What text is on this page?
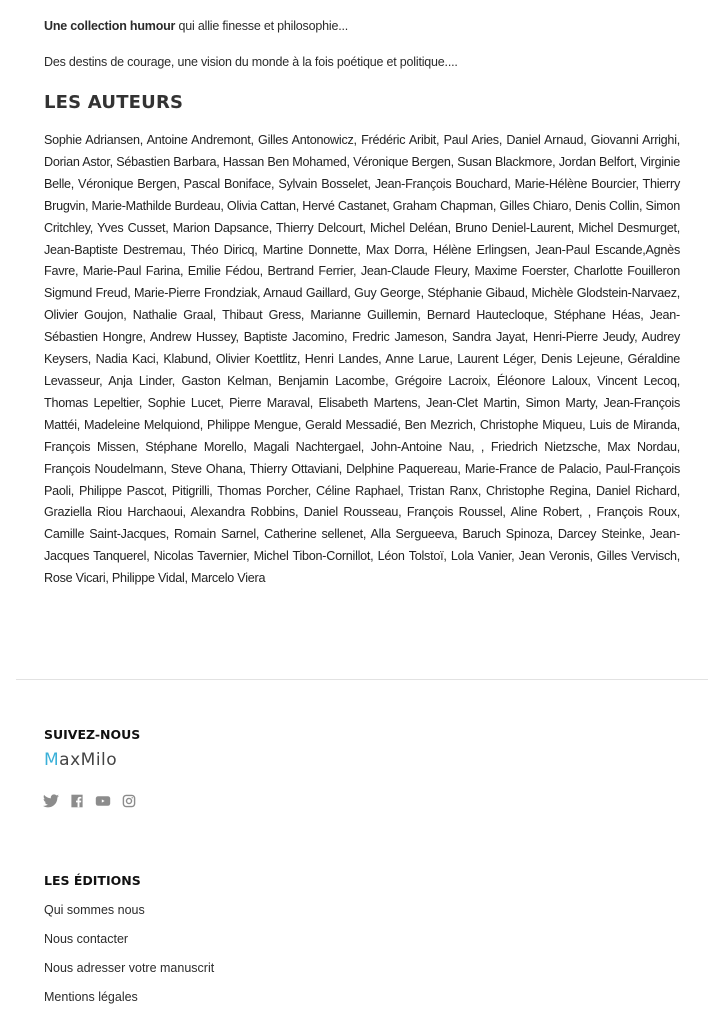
Une collection humour qui allie finesse et philosophie...

Des destins de courage, une vision du monde à la fois poétique et politique....

LES AUTEURS

Sophie Adriansen, Antoine Andremont, Gilles Antonowicz, Frédéric Aribit, Paul Aries, Daniel Arnaud, Giovanni Arrighi, Dorian Astor, Sébastien Barbara, Hassan Ben Mohamed, Véronique Bergen, Susan Blackmore, Jordan Belfort, Virginie Belle, Véronique Bergen, Pascal Boniface, Sylvain Bosselet, Jean-François Bouchard, Marie-Hélène Bourcier, Thierry Brugvin, Marie-Mathilde Burdeau, Olivia Cattan, Hervé Castanet, Graham Chapman, Gilles Chiaro, Denis Collin, Simon Critchley, Yves Cusset, Marion Dapsance, Thierry Delcourt, Michel Deléan, Bruno Deniel-Laurent, Michel Desmurget, Jean-Baptiste Destremau, Théo Diricq, Martine Donnette, Max Dorra, Hélène Erlingsen, Jean-Paul Escande,Agnès Favre, Marie-Paul Farina, Emilie Fédou, Bertrand Ferrier, Jean-Claude Fleury, Maxime Foerster, Charlotte Fouilleron Sigmund Freud, Marie-Pierre Frondziak, Arnaud Gaillard, Guy George, Stéphanie Gibaud, Michèle Glodstein-Narvaez, Olivier Goujon, Nathalie Graal, Thibaut Gress, Marianne Guillemin, Bernard Hautecloque, Stéphane Héas, Jean-Sébastien Hongre, Andrew Hussey, Baptiste Jacomino, Fredric Jameson, Sandra Jayat, Henri-Pierre Jeudy, Audrey Keysers, Nadia Kaci, Klabund, Olivier Koettlitz, Henri Landes, Anne Larue, Laurent Léger, Denis Lejeune, Géraldine Levasseur, Anja Linder, Gaston Kelman, Benjamin Lacombe, Grégoire Lacroix, Éléonore Laloux, Vincent Lecoq, Thomas Lepeltier, Sophie Lucet, Pierre Maraval, Elisabeth Martens, Jean-Clet Martin, Simon Marty, Jean-François Mattéi, Madeleine Melquiond, Philippe Mengue, Gerald Messadié, Ben Mezrich, Christophe Miqueu, Luis de Miranda, François Missen, Stéphane Morello, Magali Nachtergael, John-Antoine Nau, , Friedrich Nietzsche, Max Nordau, François Noudelmann, Steve Ohana, Thierry Ottaviani, Delphine Paquereau, Marie-France de Palacio, Paul-François Paoli, Philippe Pascot, Pitigrilli, Thomas Porcher, Céline Raphael, Tristan Ranx, Christophe Regina, Daniel Richard, Graziella Riou Harchaoui, Alexandra Robbins, Daniel Rousseau, François Roussel, Aline Robert, , François Roux, Camille Saint-Jacques, Romain Sarnel, Catherine sellenet, Alla Sergueeva, Baruch Spinoza, Darcey Steinke, Jean-Jacques Tanquerel, Nicolas Tavernier, Michel Tibon-Cornillot, Léon Tolstoï, Lola Vanier, Jean Veronis, Gilles Vervisch, Rose Vicari, Philippe Vidal, Marcelo Viera

SUIVEZ-NOUS
MaxMilo
LES ÉDITIONS
Qui sommes nous
Nous contacter
Nous adresser votre manuscrit
Mentions légales
